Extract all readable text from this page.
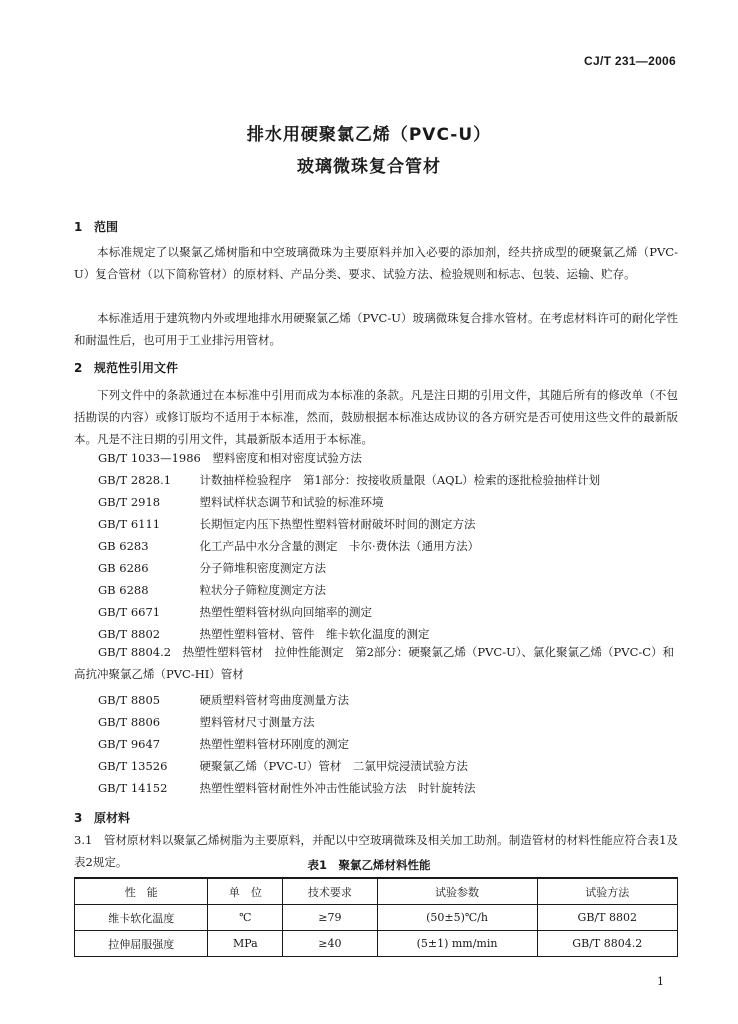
CJ/T 231—2006
排水用硬聚氯乙烯（PVC-U）
玻璃微珠复合管材
1 范围
本标准规定了以聚氯乙烯树脂和中空玻璃微珠为主要原料并加入必要的添加剂，经共挤成型的硬聚氯乙烯（PVC-U）复合管材（以下简称管材）的原材料、产品分类、要求、试验方法、检验规则和标志、包装、运输、贮存。
本标准适用于建筑物内外或埋地排水用硬聚氯乙烯（PVC-U）玻璃微珠复合排水管材。在考虑材料许可的耐化学性和耐温性后，也可用于工业排污用管材。
2 规范性引用文件
下列文件中的条款通过在本标准中引用而成为本标准的条款。凡是注日期的引用文件，其随后所有的修改单（不包括勘误的内容）或修订版均不适用于本标准，然而，鼓励根据本标准达成协议的各方研究是否可使用这些文件的最新版本。凡是不注日期的引用文件，其最新版本适用于本标准。
GB/T 1033—1986　 塑料密度和相对密度试验方法
GB/T 2828.1　 计数抽样检验程序　第1部分：按接收质量限（AQL）检索的逐批检验抽样计划
GB/T 2918　	塑料试样状态调节和试验的标准环境
GB/T 6111　	长期恒定内压下热塑性塑料管材耐破坏时间的测定方法
GB 6283　	化工产品中水分含量的测定　卡尔·费休法（通用方法）
GB 6286　	分子筛堆积密度测定方法
GB 6288　	粒状分子筛粒度测定方法
GB/T 6671　	热塑性塑料管材纵向回缩率的测定
GB/T 8802　	热塑性塑料管材、管件　维卡软化温度的测定
GB/T 8804.2　 热塑性塑料管材　拉伸性能测定　第2部分：硬聚氯乙烯（PVC-U）、氯化聚氯乙烯（PVC-C）和高抗冲聚氯乙烯（PVC-HI）管材
GB/T 8805　	硬质塑料管材弯曲度测量方法
GB/T 8806　	塑料管材尺寸测量方法
GB/T 9647　	热塑性塑料管材环刚度的测定
GB/T 13526　	硬聚氯乙烯（PVC-U）管材　二氯甲烷浸渍试验方法
GB/T 14152　	热塑性塑料管材耐性外冲击性能试验方法　时针旋转法
3 原材料
3.1　管材原材料以聚氯乙烯树脂为主要原料，并配以中空玻璃微珠及相关加工助剂。制造管材的材料性能应符合表1及表2规定。	表1　聚氯乙烯材料性能
性　能	单　位	技术要求	试验参数	试验方法
维卡软化温度	℃	≥79	(50±5)℃/h	GB/T 8802
拉伸屈服强度	MPa	≥40	(5±1) mm/min	GB/T 8804.2
1
